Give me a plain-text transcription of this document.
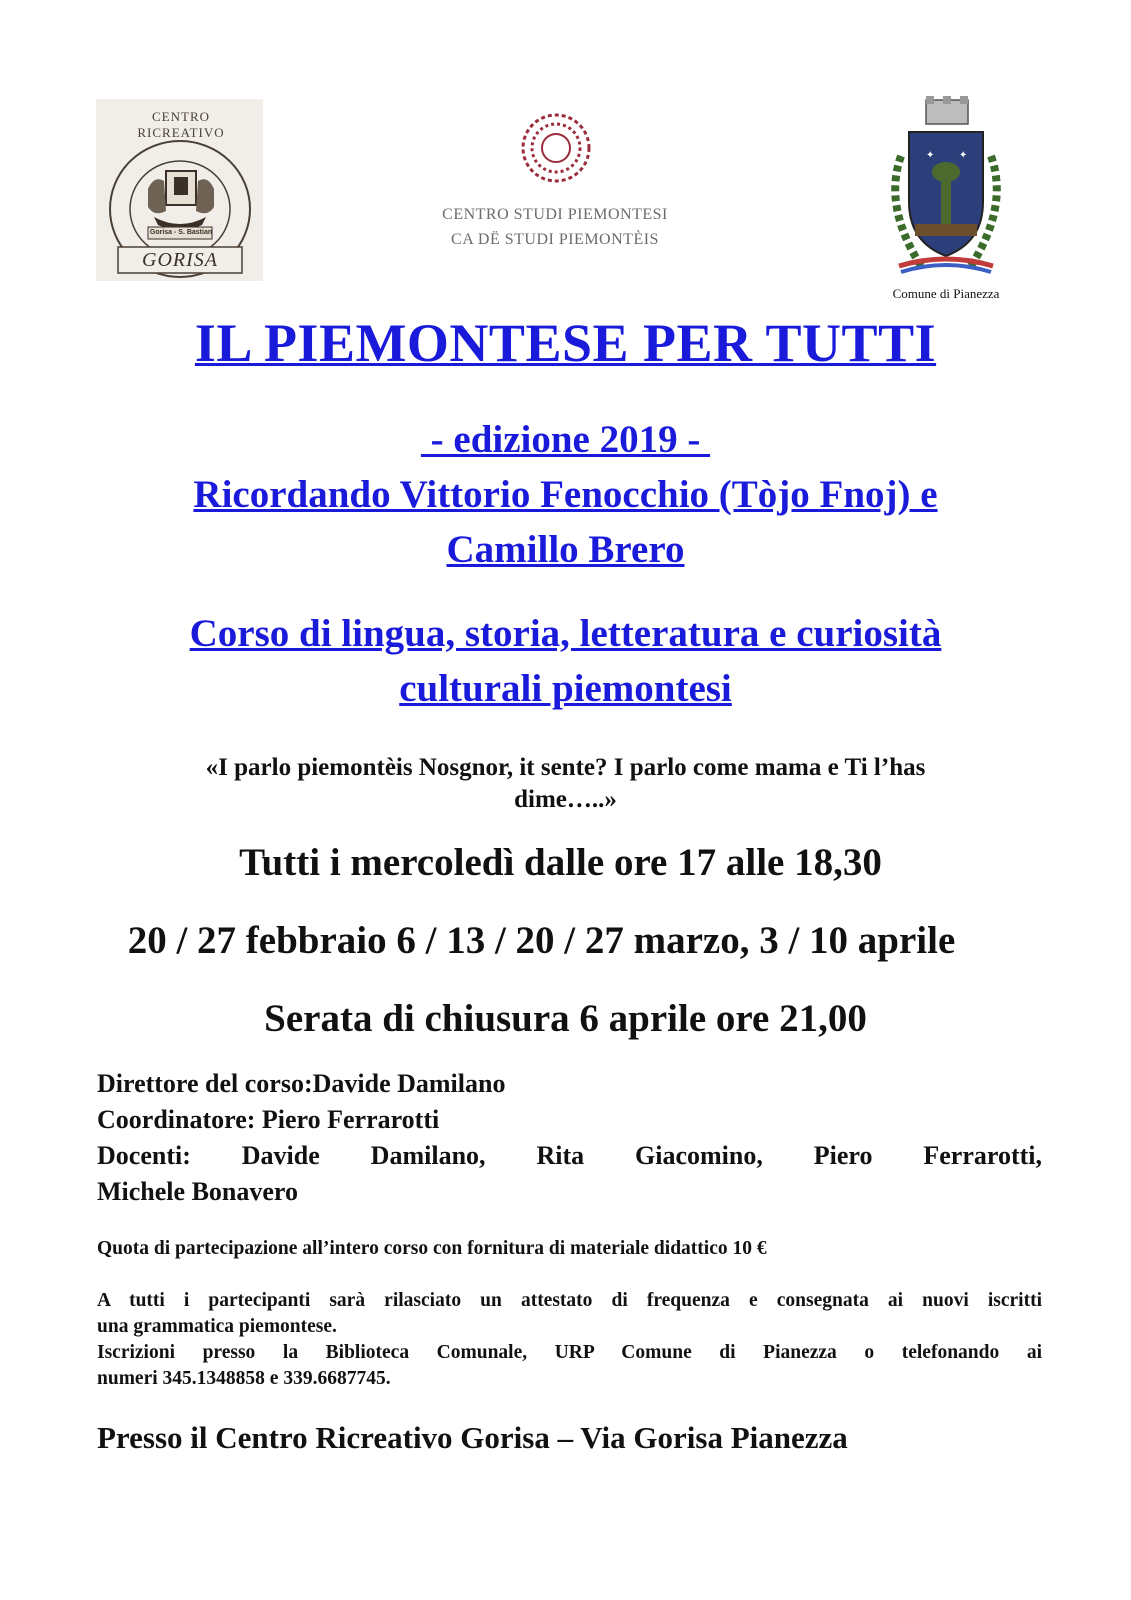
CENTRO RICREATIVO
Gorisa - S. Bastian
GORISA
CENTRO STUDI PIEMONTESI
CA DË STUDI PIEMONTÈIS
✦ ✦
Comune di Pianezza
IL PIEMONTESE PER TUTTI
- edizione 2019 -
Ricordando Vittorio Fenocchio (Tòjo Fnoj) e
Camillo Brero
Corso di lingua, storia, letteratura e curiosità
culturali piemontesi
«I parlo piemontèis Nosgnor, it sente? I parlo come mama e Ti l’has
dime…..»
Tutti i mercoledì dalle ore 17 alle 18,30
20 / 27 febbraio 6 / 13 / 20 / 27 marzo, 3 / 10 aprile
Serata di chiusura 6 aprile ore 21,00
Direttore del corso:Davide Damilano
Coordinatore: Piero Ferrarotti
Docenti: Davide Damilano, Rita Giacomino, Piero Ferrarotti,
Michele Bonavero
Quota di partecipazione all’intero corso con fornitura di materiale didattico 10 €
A tutti i partecipanti sarà rilasciato un attestato di frequenza e consegnata ai nuovi iscritti
una grammatica piemontese.
Iscrizioni presso la Biblioteca Comunale, URP Comune di Pianezza o telefonando ai
numeri 345.1348858 e 339.6687745.
Presso il Centro Ricreativo Gorisa – Via Gorisa Pianezza
